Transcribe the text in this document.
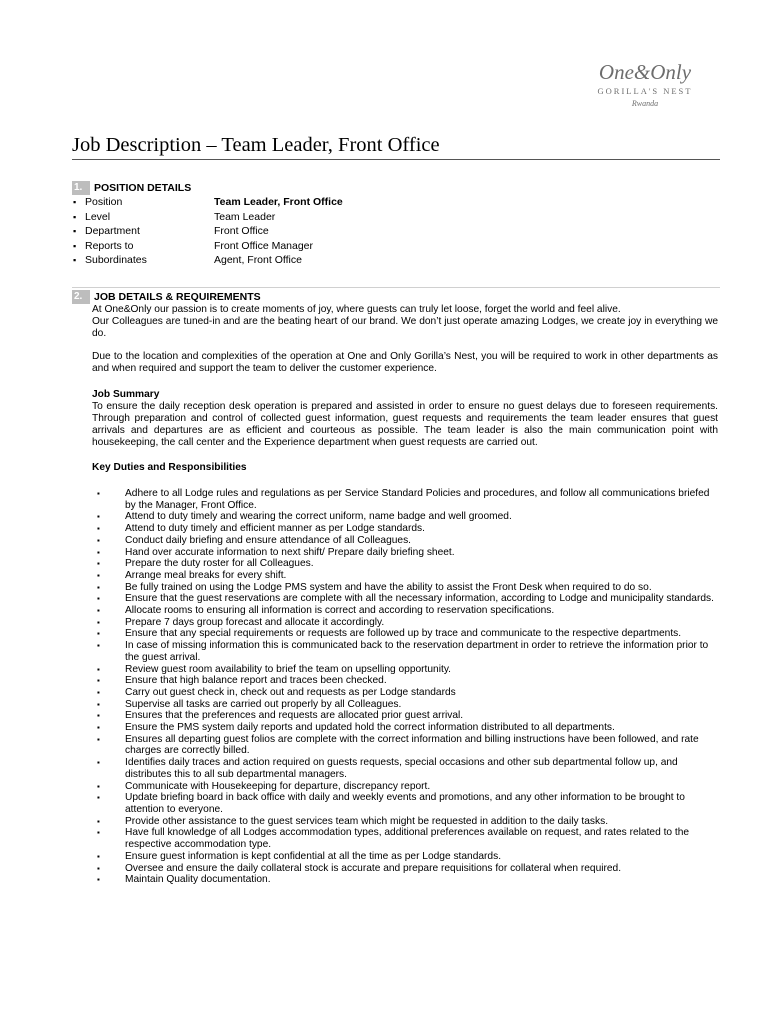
One&Only
GORILLA'S NEST
Rwanda
Job Description – Team Leader, Front Office
1.	POSITION DETAILS
▪ Position	Team Leader, Front Office
▪ Level	Team Leader
▪ Department	Front Office
▪ Reports to	Front Office Manager
▪ Subordinates	Agent, Front Office
2.	JOB DETAILS & REQUIREMENTS

At One&Only our passion is to create moments of joy, where guests can truly let loose, forget the world and feel alive.

Our Colleagues are tuned-in and are the beating heart of our brand. We don’t just operate amazing Lodges, we create joy in everything we do.

Due to the location and complexities of the operation at One and Only Gorilla’s Nest, you will be required to work in other departments as and when required and support the team to deliver the customer experience.

Job Summary

To ensure the daily reception desk operation is prepared and assisted in order to ensure no guest delays due to foreseen requirements. Through preparation and control of collected guest information, guest requests and requirements the team leader ensures that guest arrivals and departures are as efficient and courteous as possible. The team leader is also the main communication point with housekeeping, the call center and the Experience department when guest requests are carried out.

Key Duties and Responsibilities

▪	Adhere to all Lodge rules and regulations as per Service Standard Policies and procedures, and follow all communications briefed by the Manager, Front Office.
▪	Attend to duty timely and wearing the correct uniform, name badge and well groomed.
▪	Attend to duty timely and efficient manner as per Lodge standards.
▪	Conduct daily briefing and ensure attendance of all Colleagues.
▪	Hand over accurate information to next shift/ Prepare daily briefing sheet.
▪	Prepare the duty roster for all Colleagues.
▪	Arrange meal breaks for every shift.
▪	Be fully trained on using the Lodge PMS system and have the ability to assist the Front Desk when required to do so.
▪	Ensure that the guest reservations are complete with all the necessary information, according to Lodge and municipality standards.
▪	Allocate rooms to ensuring all information is correct and according to reservation specifications.
▪	Prepare 7 days group forecast and allocate it accordingly.
▪	Ensure that any special requirements or requests are followed up by trace and communicate to the respective departments.
▪	In case of missing information this is communicated back to the reservation department in order to retrieve the information prior to the guest arrival.
▪	Review guest room availability to brief the team on upselling opportunity.
▪	Ensure that high balance report and traces been checked.
▪	Carry out guest check in, check out and requests as per Lodge standards
▪	Supervise all tasks are carried out properly by all Colleagues.
▪	Ensures that the preferences and requests are allocated prior guest arrival.
▪	Ensure the PMS system daily reports and updated hold the correct information distributed to all departments.
▪	Ensures all departing guest folios are complete with the correct information and billing instructions have been followed, and rate charges are correctly billed.
▪	Identifies daily traces and action required on guests requests, special occasions and other sub departmental follow up, and distributes this to all sub departmental managers.
▪	Communicate with Housekeeping for departure, discrepancy report.
▪	Update briefing board in back office with daily and weekly events and promotions, and any other information to be brought to attention to everyone.
▪	Provide other assistance to the guest services team which might be requested in addition to the daily tasks.
▪	Have full knowledge of all Lodges accommodation types, additional preferences available on request, and rates related to the respective accommodation type.
▪	Ensure guest information is kept confidential at all the time as per Lodge standards.
▪	Oversee and ensure the daily collateral stock is accurate and prepare requisitions for collateral when required.
▪	Maintain Quality documentation.
